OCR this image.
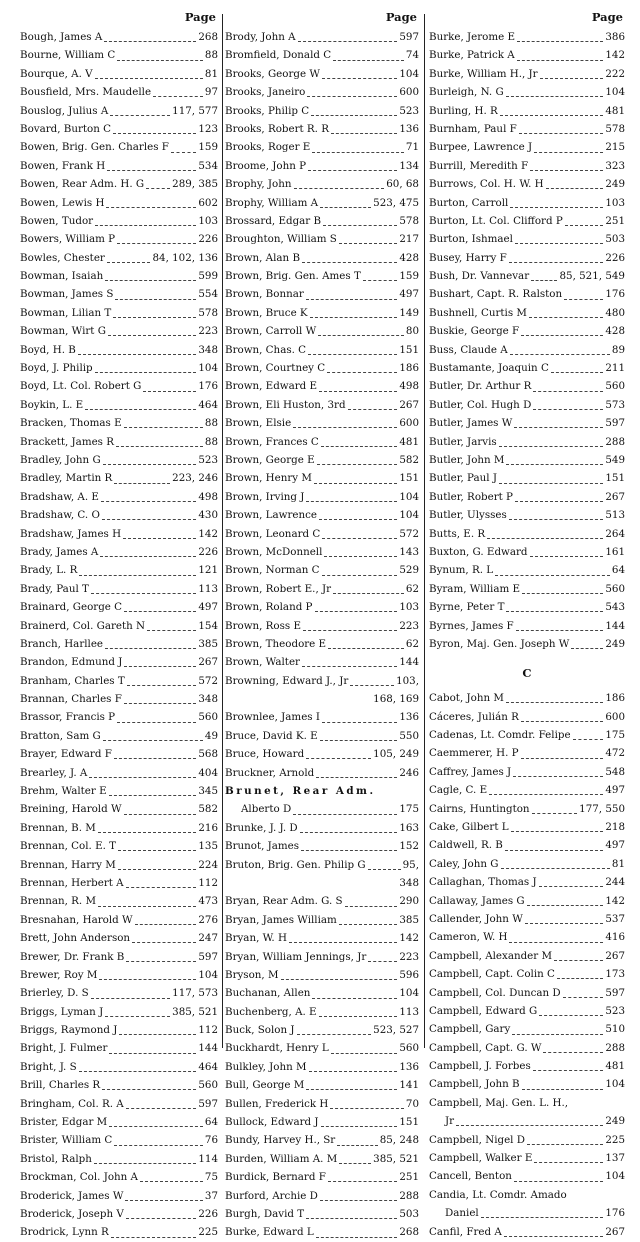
Page
Bough, James A	268
Bourne, William C	88
Bourque, A. V	81
Bousfield, Mrs. Maudelle	97
Bouslog, Julius A	117, 577
Bovard, Burton C	123
Bowen, Brig. Gen. Charles F	159
Bowen, Frank H	534
Bowen, Rear Adm. H. G	289, 385
Bowen, Lewis H	602
Bowen, Tudor	103
Bowers, William P	226
Bowles, Chester	84, 102, 136
Bowman, Isaiah	599
Bowman, James S	554
Bowman, Lilian T	578
Bowman, Wirt G	223
Boyd, H. B	348
Boyd, J. Philip	104
Boyd, Lt. Col. Robert G	176
Boykin, L. E	464
Bracken, Thomas E	88
Brackett, James R	88
Bradley, John G	523
Bradley, Martin R	223, 246
Bradshaw, A. E	498
Bradshaw, C. O	430
Bradshaw, James H	142
Brady, James A	226
Brady, L. R	121
Brady, Paul T	113
Brainard, George C	497
Brainerd, Col. Gareth N	154
Branch, Harllee	385
Brandon, Edmund J	267
Branham, Charles T	572
Brannan, Charles F	348
Brassor, Francis P	560
Bratton, Sam G	49
Brayer, Edward F	568
Brearley, J. A	404
Brehm, Walter E	345
Breining, Harold W	582
Brennan, B. M	216
Brennan, Col. E. T	135
Brennan, Harry M	224
Brennan, Herbert A	112
Brennan, R. M	473
Bresnahan, Harold W	276
Brett, John Anderson	247
Brewer, Dr. Frank B	597
Brewer, Roy M	104
Brierley, D. S	117, 573
Briggs, Lyman J	385, 521
Briggs, Raymond J	112
Bright, J. Fulmer	144
Bright, J. S	464
Brill, Charles R	560
Bringham, Col. R. A	597
Brister, Edgar M	64
Brister, William C	76
Bristol, Ralph	114
Brockman, Col. John A	75
Broderick, James W	37
Broderick, Joseph V	226
Brodrick, Lynn R	225
Page
Brody, John A	597
Bromfield, Donald C	74
Brooks, George W	104
Brooks, Janeiro	600
Brooks, Philip C	523
Brooks, Robert R. R	136
Brooks, Roger E	71
Broome, John P	134
Brophy, John	60, 68
Brophy, William A	523, 475
Brossard, Edgar B	578
Broughton, William S	217
Brown, Alan B	428
Brown, Brig. Gen. Ames T	159
Brown, Bonnar	497
Brown, Bruce K	149
Brown, Carroll W	80
Brown, Chas. C	151
Brown, Courtney C	186
Brown, Edward E	498
Brown, Eli Huston, 3rd	267
Brown, Elsie	600
Brown, Frances C	481
Brown, George E	582
Brown, Henry M	151
Brown, Irving J	104
Brown, Lawrence	104
Brown, Leonard C	572
Brown, McDonnell	143
Brown, Norman C	529
Brown, Robert E., Jr	62
Brown, Roland P	103
Brown, Ross E	223
Brown, Theodore E	62
Brown, Walter	144
Browning, Edward J., Jr	103,
168, 169
Brownlee, James I	136
Bruce, David K. E	550
Bruce, Howard	105, 249
Bruckner, Arnold	246
Brunet, Rear Adm.
Alberto D	175
Brunke, J. J. D	163
Brunot, James	152
Bruton, Brig. Gen. Philip G	95,
348
Bryan, Rear Adm. G. S	290
Bryan, James William	385
Bryan, W. H	142
Bryan, William Jennings, Jr	223
Bryson, M	596
Buchanan, Allen	104
Buchenberg, A. E	113
Buck, Solon J	523, 527
Buckhardt, Henry L	560
Bulkley, John M	136
Bull, George M	141
Bullen, Frederick H	70
Bullock, Edward J	151
Bundy, Harvey H., Sr	85, 248
Burden, William A. M	385, 521
Burdick, Bernard F	251
Burford, Archie D	288
Burgh, David T	503
Burke, Edward L	268
Page
Burke, Jerome E	386
Burke, Patrick A	142
Burke, William H., Jr	222
Burleigh, N. G	104
Burling, H. R	481
Burnham, Paul F	578
Burpee, Lawrence J	215
Burrill, Meredith F	323
Burrows, Col. H. W. H	249
Burton, Carroll	103
Burton, Lt. Col. Clifford P	251
Burton, Ishmael	503
Busey, Harry F	226
Bush, Dr. Vannevar	85, 521, 549
Bushart, Capt. R. Ralston	176
Bushnell, Curtis M	480
Buskie, George F	428
Buss, Claude A	89
Bustamante, Joaquin C	211
Butler, Dr. Arthur R	560
Butler, Col. Hugh D	573
Butler, James W	597
Butler, Jarvis	288
Butler, John M	549
Butler, Paul J	151
Butler, Robert P	267
Butler, Ulysses	513
Butts, E. R	264
Buxton, G. Edward	161
Bynum, R. L	64
Byram, William E	560
Byrne, Peter T	543
Byrnes, James F	144
Byron, Maj. Gen. Joseph W	249
C
Cabot, John M	186
Cáceres, Julián R	600
Cadenas, Lt. Comdr. Felipe	175
Caemmerer, H. P	472
Caffrey, James J	548
Cagle, C. E	497
Cairns, Huntington	177, 550
Cake, Gilbert L	218
Caldwell, R. B	497
Caley, John G	81
Callaghan, Thomas J	244
Callaway, James G	142
Callender, John W	537
Cameron, W. H	416
Campbell, Alexander M	267
Campbell, Capt. Colin C	173
Campbell, Col. Duncan D	597
Campbell, Edward G	523
Campbell, Gary	510
Campbell, Capt. G. W	288
Campbell, J. Forbes	481
Campbell, John B	104
Campbell, Maj. Gen. L. H.,
Jr	249
Campbell, Nigel D	225
Campbell, Walker E	137
Cancell, Benton	104
Candia, Lt. Comdr. Amado
Daniel	176
Canfil, Fred A	267
